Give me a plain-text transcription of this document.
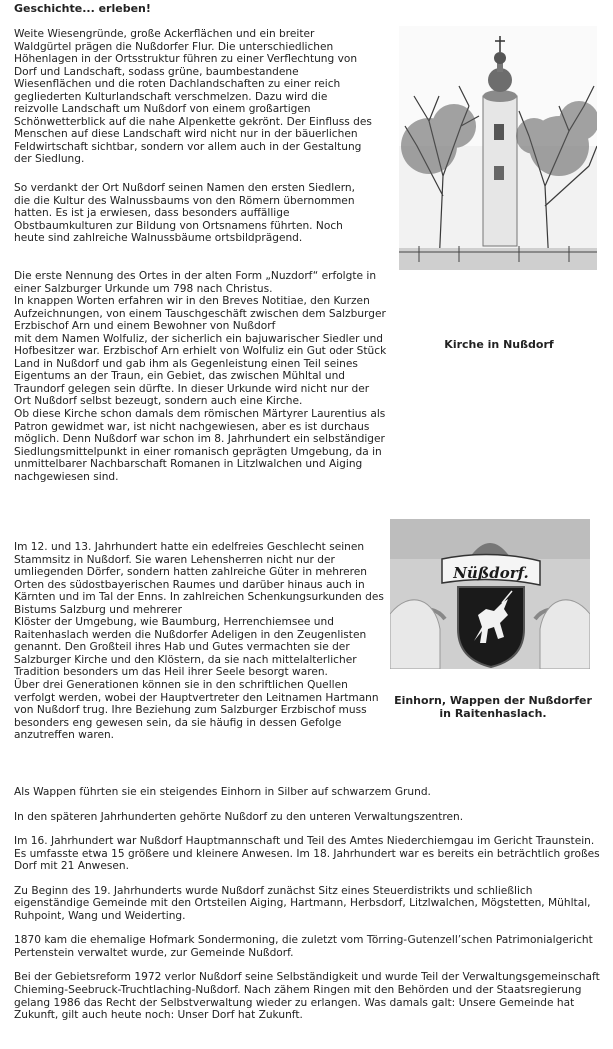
Geschichte... erleben!

Weite Wiesengründe, große Ackerflächen und ein breiter Waldgürtel prägen die Nußdorfer Flur. Die unterschiedlichen Höhenlagen in der Ortsstruktur führen zu einer Verflechtung von Dorf und Landschaft, sodass grüne, baumbestandene Wiesenflächen und die roten Dachlandschaften zu einer reich gegliederten Kulturlandschaft verschmelzen. Dazu wird die reizvolle Landschaft um Nußdorf von einem großartigen Schönwetterblick auf die nahe Alpenkette gekrönt. Der Einfluss des Menschen auf diese Landschaft wird nicht nur in der bäuerlichen Feldwirtschaft sichtbar, sondern vor allem auch in der Gestaltung der Siedlung.

So verdankt der Ort Nußdorf seinen Namen den ersten Siedlern, die die Kultur des Walnussbaums von den Römern übernommen hatten. Es ist ja erwiesen, dass besonders auffällige Obstbaumkulturen zur Bildung von Ortsnamens führten. Noch heute sind zahlreiche Walnussbäume ortsbildprägend.

Die erste Nennung des Ortes in der alten Form „Nuzdorf“ erfolgte in einer Salzburger Urkunde um 798 nach Christus.

In knappen Worten erfahren wir in den Breves Notitiae, den Kurzen Aufzeichnungen, von einem Tauschgeschäft zwischen dem Salzburger Erzbischof Arn und einem Bewohner von Nußdorf

mit dem Namen Wolfuliz, der sicherlich ein bajuwarischer Siedler und Hofbesitzer war. Erzbischof Arn erhielt von Wolfuliz ein Gut oder Stück Land in Nußdorf und gab ihm als Gegenleistung einen Teil seines Eigentums an der Traun, ein Gebiet, das zwischen Mühltal und Traundorf gelegen sein dürfte. In dieser Urkunde wird nicht nur der Ort Nußdorf selbst bezeugt, sondern auch eine Kirche.

Ob diese Kirche schon damals dem römischen Märtyrer Laurentius als Patron gewidmet war, ist nicht nachgewiesen, aber es ist durchaus möglich. Denn Nußdorf war schon im 8. Jahrhundert ein selbständiger Siedlungsmittelpunkt in einer romanisch geprägten Umgebung, da in unmittelbarer Nachbarschaft Romanen in Litzlwalchen und Aiging nachgewiesen sind.

Im 12. und 13. Jahrhundert hatte ein edelfreies Geschlecht seinen Stammsitz in Nußdorf. Sie waren Lehensherren nicht nur der umliegenden Dörfer, sondern hatten zahlreiche Güter in mehreren Orten des südostbayerischen Raumes und darüber hinaus auch in Kärnten und im Tal der Enns. In zahlreichen Schenkungsurkunden des Bistums Salzburg und mehrerer

Klöster der Umgebung, wie Baumburg, Herrenchiemsee und Raitenhaslach werden die Nußdorfer Adeligen in den Zeugenlisten genannt. Den Großteil ihres Hab und Gutes vermachten sie der Salzburger Kirche und den Klöstern, da sie nach mittelalterlicher Tradition besonders um das Heil ihrer Seele besorgt waren.

Über drei Generationen können sie in den schriftlichen Quellen verfolgt werden, wobei der Hauptvertreter den Leitnamen Hartmann von Nußdorf trug. Ihre Beziehung zum Salzburger Erzbischof muss besonders eng gewesen sein, da sie häufig in dessen Gefolge anzutreffen waren.

Als Wappen führten sie ein steigendes Einhorn in Silber auf schwarzem Grund.

In den späteren Jahrhunderten gehörte Nußdorf zu den unteren Verwaltungszentren.

Im 16. Jahrhundert war Nußdorf Hauptmannschaft und Teil des Amtes Niederchiemgau im Gericht Traunstein. Es umfasste etwa 15 größere und kleinere Anwesen. Im 18. Jahrhundert war es bereits ein beträchtlich großes Dorf mit 21 Anwesen.

Zu Beginn des 19. Jahrhunderts wurde Nußdorf zunächst Sitz eines Steuerdistrikts und schließlich eigenständige Gemeinde mit den Ortsteilen Aiging, Hartmann, Herbsdorf, Litzlwalchen, Mögstetten, Mühltal, Ruhpoint, Wang und Weiderting.

1870 kam die ehemalige Hofmark Sondermoning, die zuletzt vom Törring-Gutenzell’schen Patrimonialgericht Pertenstein verwaltet wurde, zur Gemeinde Nußdorf.

Bei der Gebietsreform 1972 verlor Nußdorf seine Selbständigkeit und wurde Teil der Verwaltungsgemeinschaft Chieming-Seebruck-Truchtlaching-Nußdorf. Nach zähem Ringen mit den Behörden und der Staatsregierung gelang 1986 das Recht der Selbstverwaltung wieder zu erlangen. Was damals galt: Unsere Gemeinde hat Zukunft, gilt auch heute noch: Unser Dorf hat Zukunft.

Kirche in Nußdorf
Nüßdorf.
Einhorn, Wappen der Nußdorfer in Raitenhaslach.
